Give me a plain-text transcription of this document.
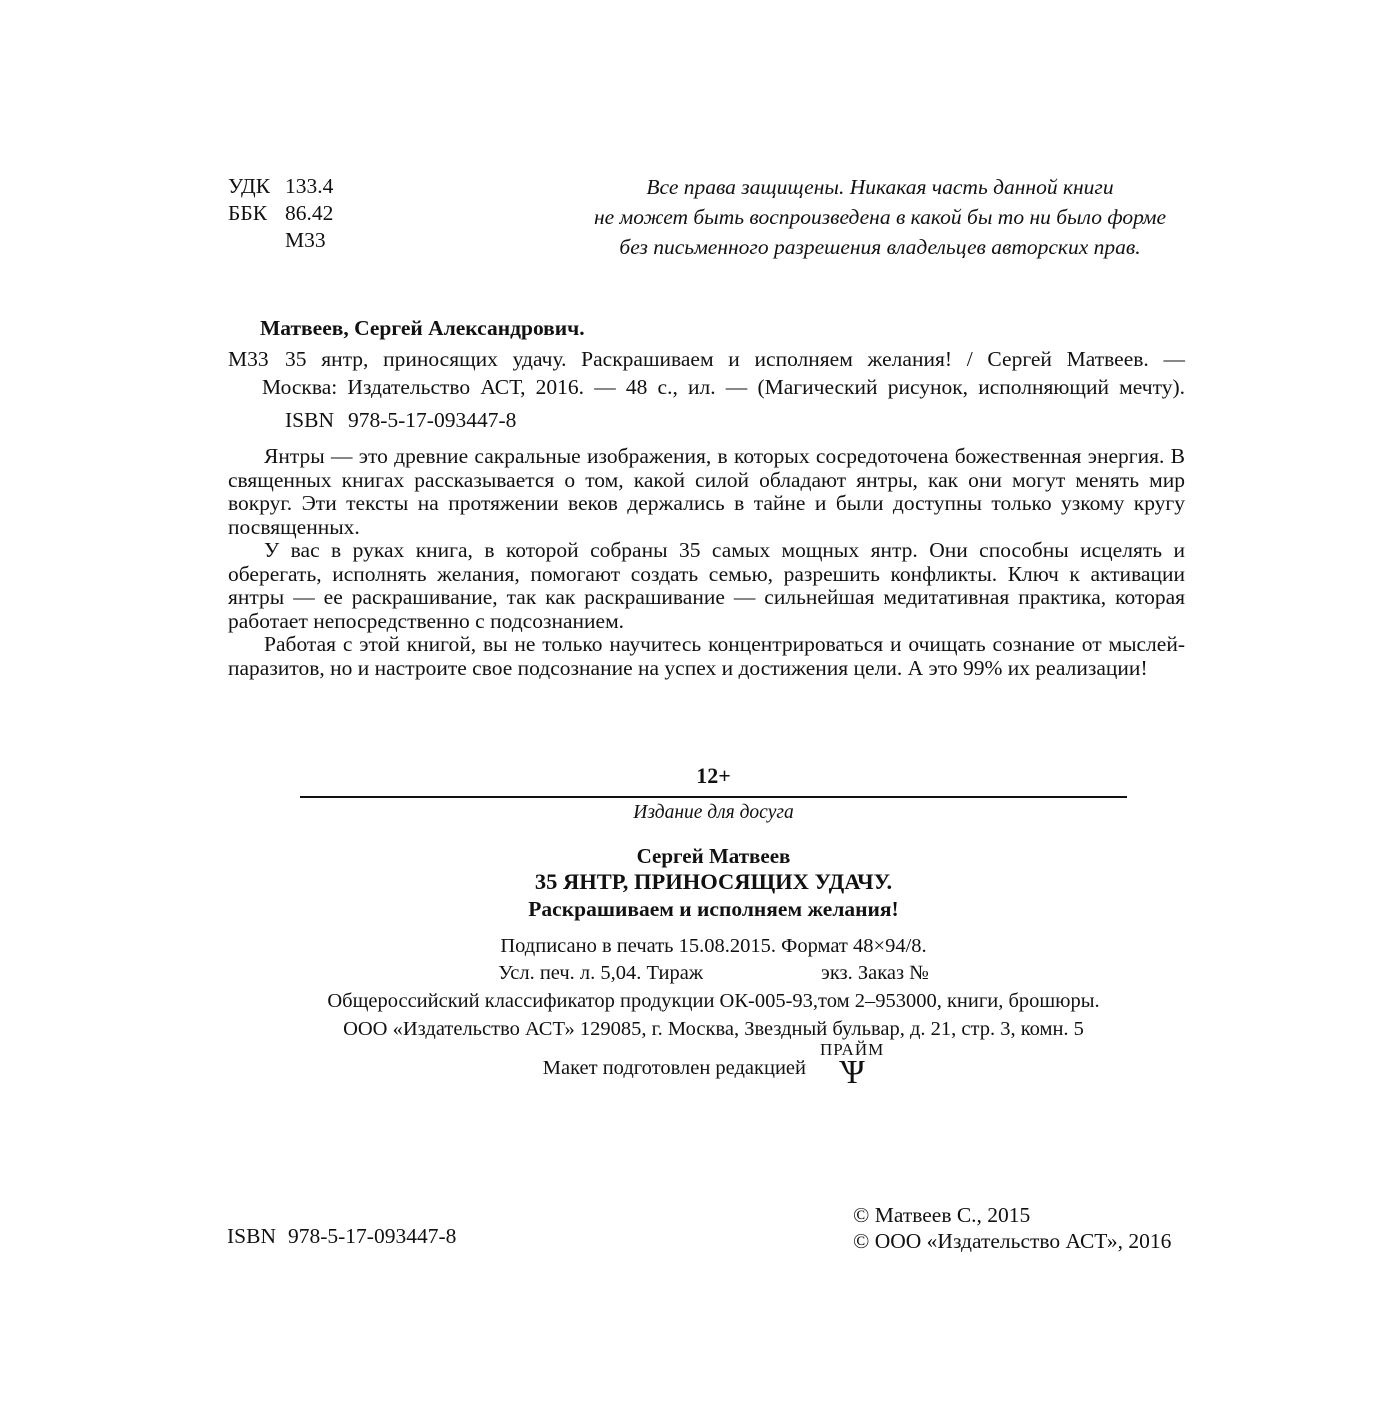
УДК 133.4
ББК 86.42
М33
Все права защищены. Никакая часть данной книги
не может быть воспроизведена в какой бы то ни было форме
без письменного разрешения владельцев авторских прав.
Матвеев, Сергей Александрович.
М33 35 янтр, приносящих удачу. Раскрашиваем и исполняем желания! / Сергей Матвеев. —
Москва: Издательство АСТ, 2016. — 48 с., ил. — (Магический рисунок, исполняющий мечту).
ISBN 978-5-17-093447-8

Янтры — это древние сакральные изображения, в которых сосредоточена божественная энергия. В священных книгах рассказывается о том, какой силой обладают янтры, как они могут менять мир вокруг. Эти тексты на протяжении веков держались в тайне и были доступны только узкому кругу посвященных.

У вас в руках книга, в которой собраны 35 самых мощных янтр. Они способны исцелять и оберегать, исполнять желания, помогают создать семью, разрешить конфликты. Ключ к активации янтры — ее раскрашивание, так как раскрашивание — сильнейшая медитативная практика, которая работает непосредственно с подсознанием.

Работая с этой книгой, вы не только научитесь концентрироваться и очищать сознание от мыслей-паразитов, но и настроите свое подсознание на успех и достижения цели. А это 99% их реализации!

12+
Издание для досуга
Сергей Матвеев
35 ЯНТР, ПРИНОСЯЩИХ УДАЧУ.
Раскрашиваем и исполняем желания!
Подписано в печать 15.08.2015. Формат 48×94/8.
Усл. печ. л. 5,04. Тираж	экз. Заказ №
Общероссийский классификатор продукции ОК-005-93,том 2–953000, книги, брошюры.
ООО «Издательство АСТ» 129085, г. Москва, Звездный бульвар, д. 21, стр. 3, комн. 5
Макет подготовлен редакцией
ПРАЙМ
Ѱ
ISBN 978-5-17-093447-8
© Матвеев С., 2015
© ООО «Издательство АСТ», 2016
